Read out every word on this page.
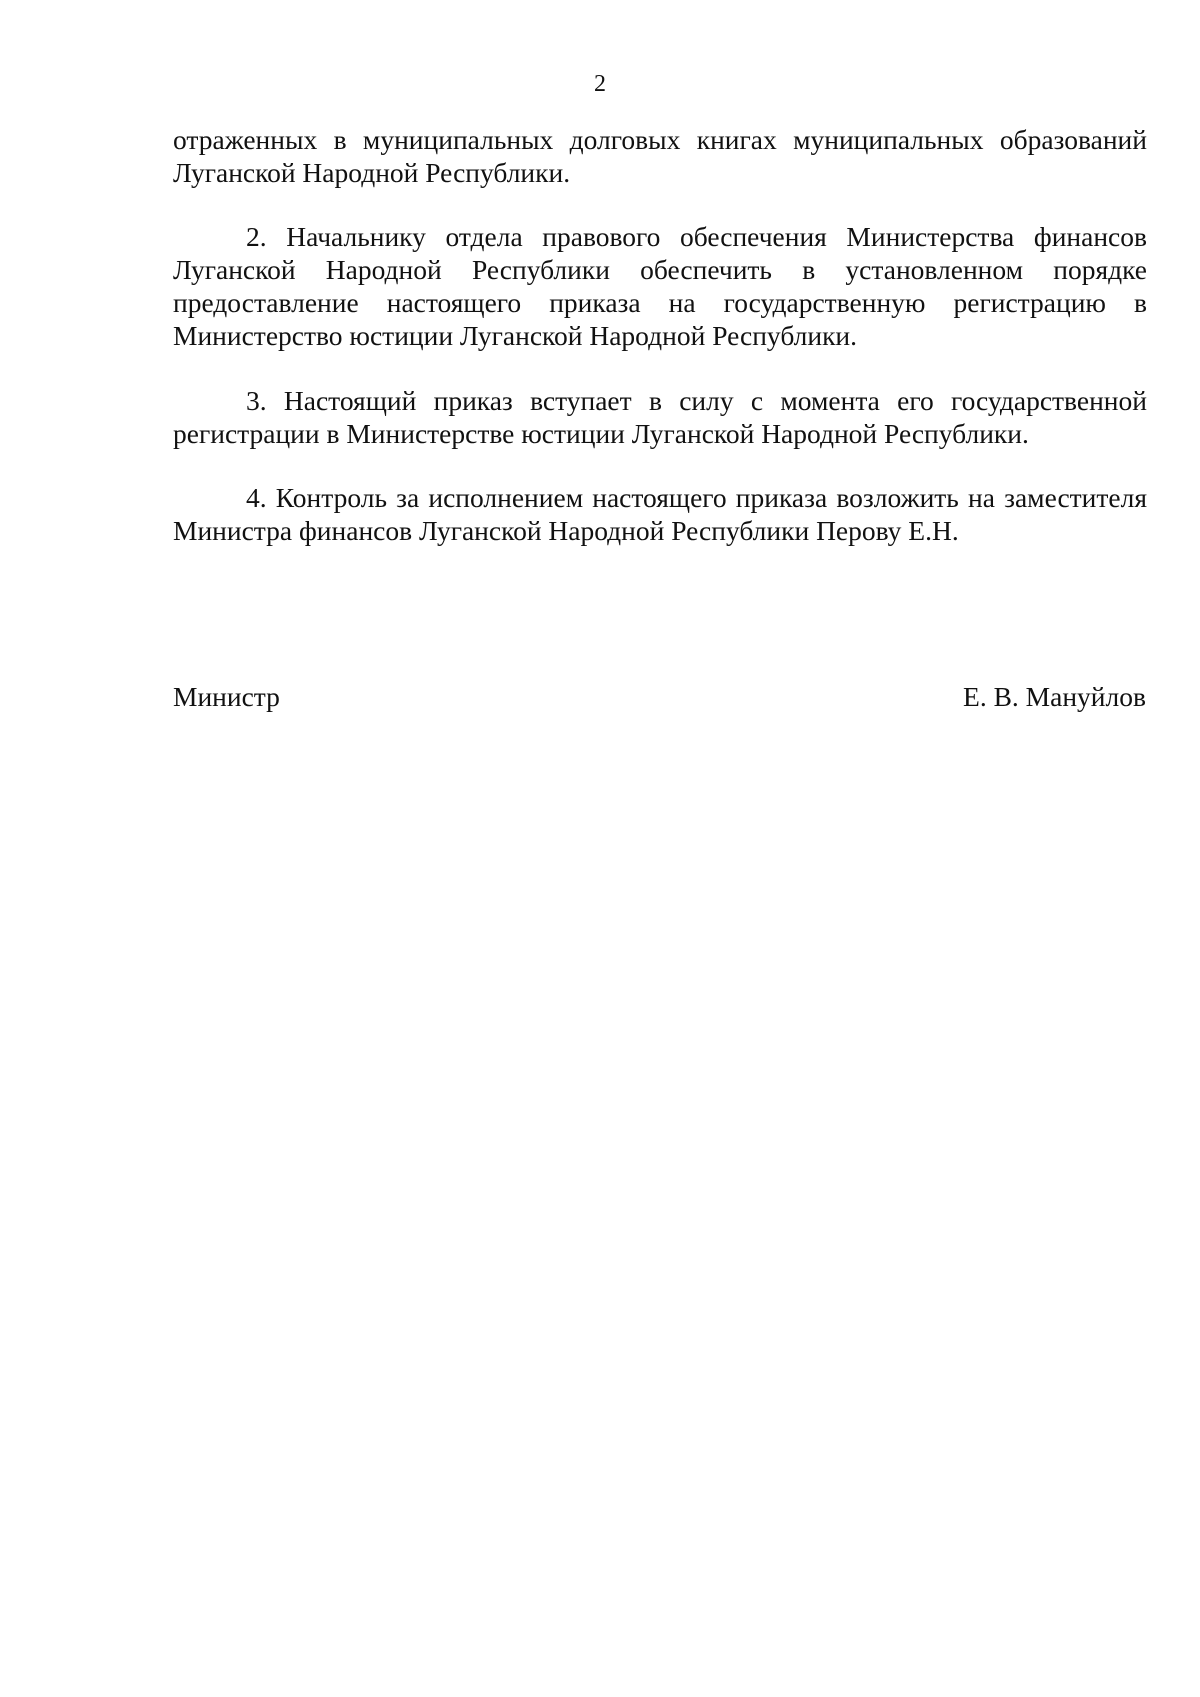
2

отраженных в муниципальных долговых книгах муниципальных образований Луганской Народной Республики.

2. Начальнику отдела правового обеспечения Министерства финансов Луганской Народной Республики обеспечить в установленном порядке предоставление настоящего приказа на государственную регистрацию в Министерство юстиции Луганской Народной Республики.

3. Настоящий приказ вступает в силу с момента его государственной регистрации в Министерстве юстиции Луганской Народной Республики.

4. Контроль за исполнением настоящего приказа возложить на заместителя Министра финансов Луганской Народной Республики Перову Е.Н.

Министр	Е. В. Мануйлов
